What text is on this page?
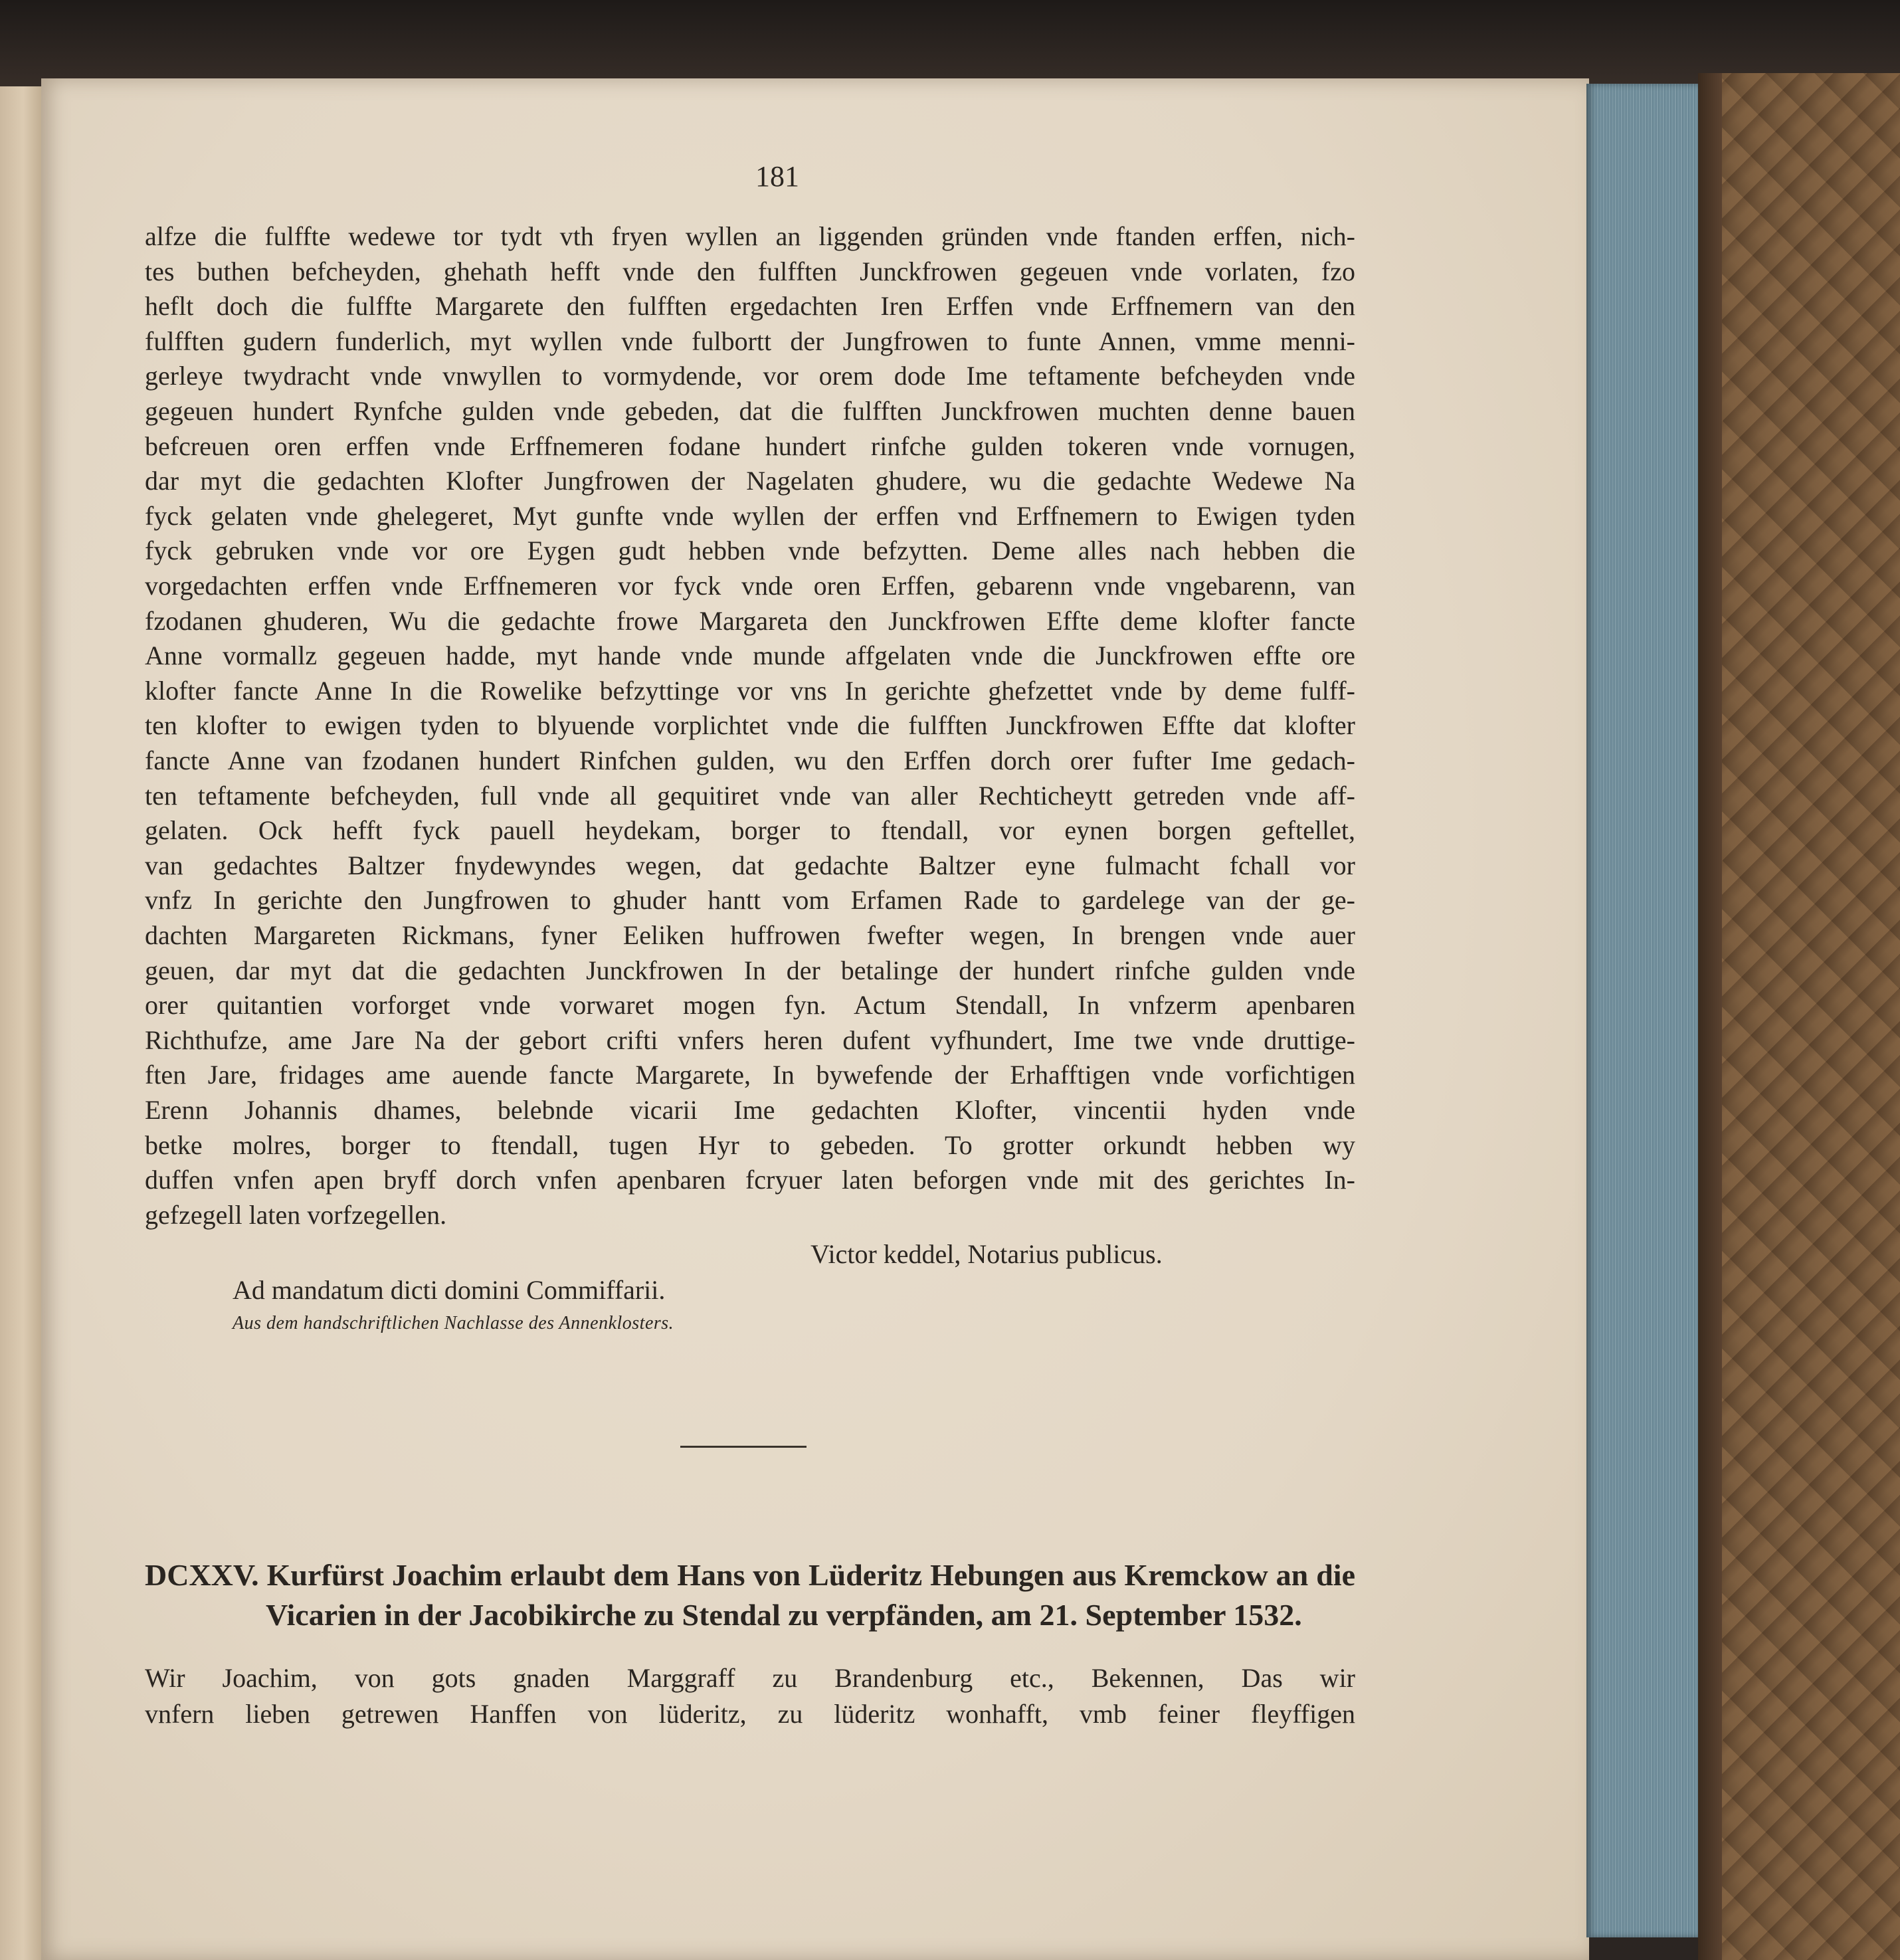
181
alfze die fulffte wedewe tor tydt vth fryen wyllen an liggenden gründen vnde ftanden erffen, nich-
tes buthen befcheyden, ghehath hefft vnde den fulfften Junckfrowen gegeuen vnde vorlaten, fzo
heflt doch die fulffte Margarete den fulfften ergedachten Iren Erffen vnde Erffnemern van den
fulfften gudern funderlich, myt wyllen vnde fulbortt der Jungfrowen to funte Annen, vmme menni-
gerleye twydracht vnde vnwyllen to vormydende, vor orem dode Ime teftamente befcheyden vnde
gegeuen hundert Rynfche gulden vnde gebeden, dat die fulfften Junckfrowen muchten denne bauen
befcreuen oren erffen vnde Erffnemeren fodane hundert rinfche gulden tokeren vnde vornugen,
dar myt die gedachten Klofter Jungfrowen der Nagelaten ghudere, wu die gedachte Wedewe Na
fyck gelaten vnde ghelegeret, Myt gunfte vnde wyllen der erffen vnd Erffnemern to Ewigen tyden
fyck gebruken vnde vor ore Eygen gudt hebben vnde befzytten. Deme alles nach hebben die
vorgedachten erffen vnde Erffnemeren vor fyck vnde oren Erffen, gebarenn vnde vngebarenn, van
fzodanen ghuderen, Wu die gedachte frowe Margareta den Junckfrowen Effte deme klofter fancte
Anne vormallz gegeuen hadde, myt hande vnde munde affgelaten vnde die Junckfrowen effte ore
klofter fancte Anne In die Rowelike befzyttinge vor vns In gerichte ghefzettet vnde by deme fulff-
ten klofter to ewigen tyden to blyuende vorplichtet vnde die fulfften Junckfrowen Effte dat klofter
fancte Anne van fzodanen hundert Rinfchen gulden, wu den Erffen dorch orer fufter Ime gedach-
ten teftamente befcheyden, full vnde all gequitiret vnde van aller Rechticheytt getreden vnde aff-
gelaten. Ock hefft fyck pauell heydekam, borger to ftendall, vor eynen borgen geftellet,
van gedachtes Baltzer fnydewyndes wegen, dat gedachte Baltzer eyne fulmacht fchall vor
vnfz In gerichte den Jungfrowen to ghuder hantt vom Erfamen Rade to gardelege van der ge-
dachten Margareten Rickmans, fyner Eeliken huffrowen fwefter wegen, In brengen vnde auer
geuen, dar myt dat die gedachten Junckfrowen In der betalinge der hundert rinfche gulden vnde
orer quitantien vorforget vnde vorwaret mogen fyn. Actum Stendall, In vnfzerm apenbaren
Richthufze, ame Jare Na der gebort crifti vnfers heren dufent vyfhundert, Ime twe vnde druttige-
ften Jare, fridages ame auende fancte Margarete, In bywefende der Erhafftigen vnde vorfichtigen
Erenn Johannis dhames, belebnde vicarii Ime gedachten Klofter, vincentii hyden vnde
betke molres, borger to ftendall, tugen Hyr to gebeden. To grotter orkundt hebben wy
duffen vnfen apen bryff dorch vnfen apenbaren fcryuer laten beforgen vnde mit des gerichtes In-
gefzegell laten vorfzegellen.
Victor keddel, Notarius publicus.
Ad mandatum dicti domini Commiffarii.
Aus dem handschriftlichen Nachlasse des Annenklosters.
DCXXV. Kurfürst Joachim erlaubt dem Hans von Lüderitz Hebungen aus Kremckow an die
Vicarien in der Jacobikirche zu Stendal zu verpfänden, am 21. September 1532.
Wir Joachim, von gots gnaden Marggraff zu Brandenburg etc., Bekennen, Das wir
vnfern lieben getrewen Hanffen von lüderitz, zu lüderitz wonhafft, vmb feiner fleyffigen
